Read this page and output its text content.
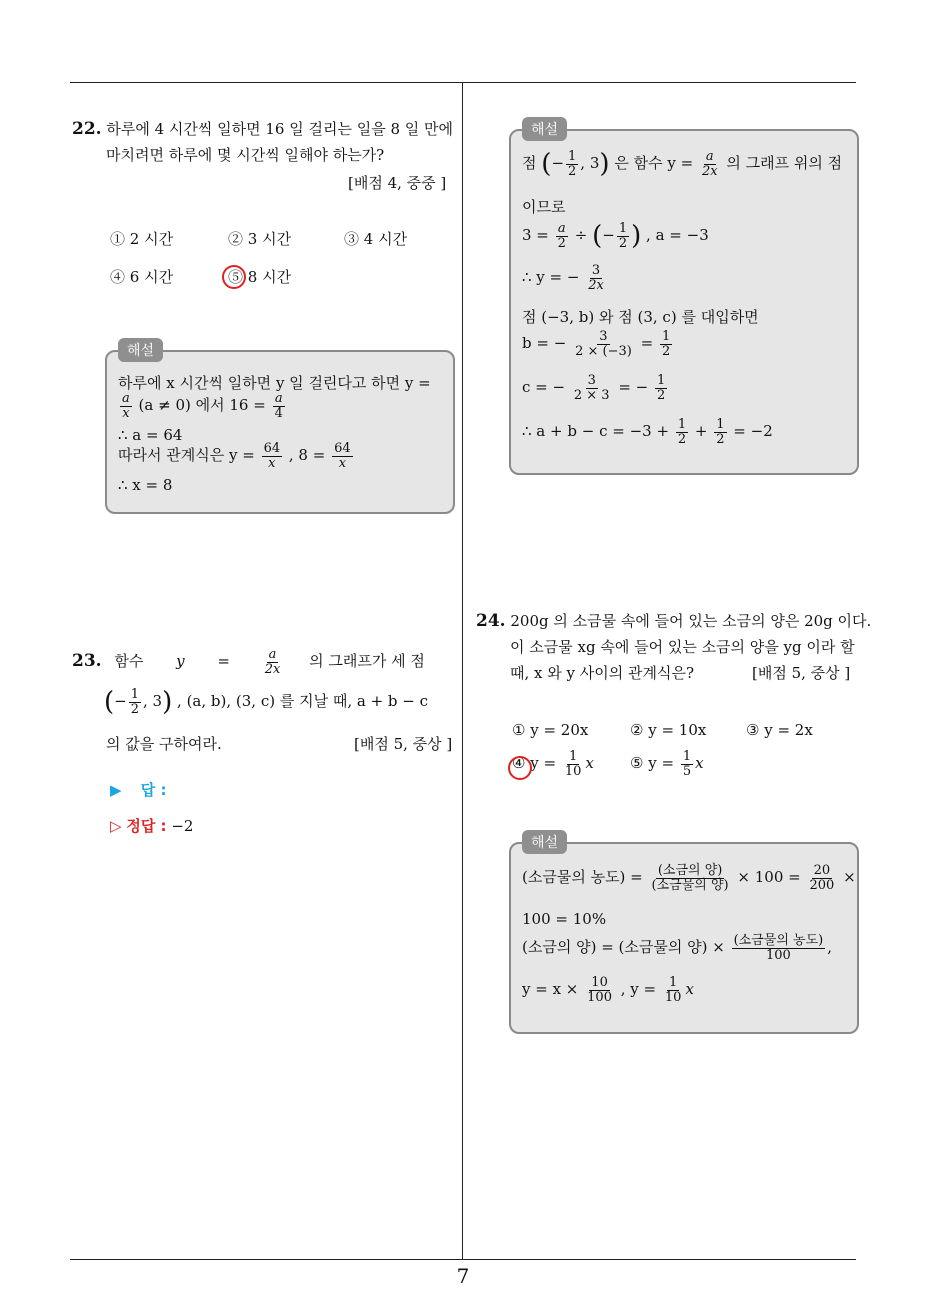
22. 하루에 4 시간씩 일하면 16 일 걸리는 일을 8 일 만에
마치려면 하루에 몇 시간씩 일해야 하는가?
[배점 4, 중중 ]
① 2 시간	② 3 시간	③ 4 시간
④ 6 시간	⑤ 8 시간
해설
하루에 x 시간씩 일하면 y 일 걸린다고 하면 y =
$\frac{a}{x} (a \ne 0)$ 에서 $16 = \frac{a}{4}$
∴ a = 64
따라서 관계식은 $y = \frac{64}{x}$ , $8 = \frac{64}{x}$
∴ x = 8
23. 함수 y =	$\frac{a}{2x}$ 의 그래프가 세 점
(− $\frac{1}{2}$ , 3) , (a, b), (3, c) 를 지날 때, a + b − c
의 값을 구하여라.	[배점 5, 중상 ]
▶ 답 :
▷ 정답 : −2
해설
점 (− $\frac{1}{2}$ , 3) 은 함수 $y = \frac{a}{2x}$ 의 그래프 위의 점
이므로
$3 = \frac{a}{2}$ ÷ (− $\frac{1}{2}$ ) , a = −3
∴ y = − $\frac{3}{2x}$
점 (−3, b) 와 점 (3, c) 를 대입하면
b = − $\frac{3}{2 \times (-3)} = \frac{1}{2}$
c = − $\frac{3}{2 \times 3}$ = − $\frac{1}{2}$
∴ $a + b - c = -3 + \frac{1}{2} + \frac{1}{2} = -2$
24. 200g 의 소금물 속에 들어 있는 소금의 양은 20g 이다.
이 소금물 xg 속에 들어 있는 소금의 양을 yg 이라 할
때, x 와 y 사이의 관계식은?	[배점 5, 중상 ]
① y = 20x	② y = 10x	③ y = 2x
④ $y = \frac{1}{10}$ x ⑤ $y = \frac{1}{5}$ x
해설
(소금물의 농도) = $\frac{\text{(소금의 양)}}{\text{(소금물의 양)}} \times 100 = \frac{20}{200}$ ×
100 = 10%
(소금의 양) = (소금물의 양) × $\frac{\text{(소금물의 농도)}}{100}$ ,
$y = x \times \frac{10}{100}$ , $y = \frac{1}{10}$ x
7
